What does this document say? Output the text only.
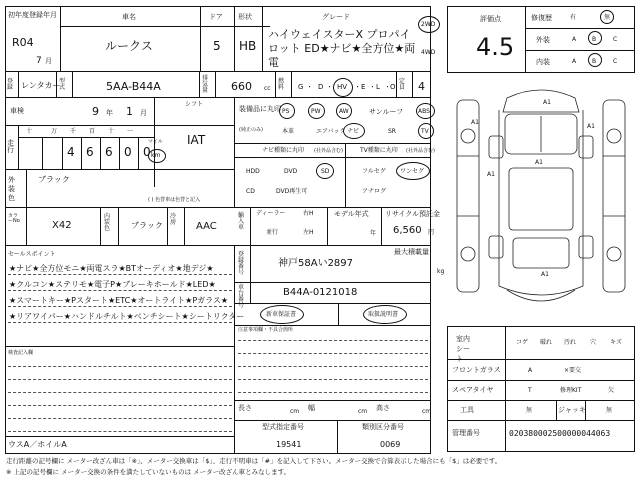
初年度登録年月
R04
7 月
車名
ルークス
ドア
5
形状
HB
グレード
ハイウェイスターX プロパイロット ED★ナビ★全方位★両電
2WD
4WD
登録 レンタカー
型式	5AA-B44A
排気量 660 cc
燃料	G ・ D ・ HV ・ E ・ L ・ O
定員 4
車検	9 年 1 月
シフト
IAT
走行
十	万 千 百 十 一
4 6 6 0 0
マイル
km
装備品に丸印
(純正のみ)
PS	PW	AW	サンルーフ ABS
本革	エアバック ナビ	SR	TV
ナビ種類に丸印 (社外品含む)	TV種類に丸印 (社外品含む)
HDD	DVD	SD
CD	DVD再生可
フルセグ ワンセグ
アナログ
外装色
ブラック
( ) 色替車は色替と記入
カラーNo	X42
内装色	ブラック
冷房 AAC
輸入車
ディーラー	右H
並行	左H
モデル年式
年
リサイクル預託金
6,560 円
最大積載量
kg
登録番号
神戸58Aい2897
車台番号
B44A-0121018
セールスポイント
★ナビ★全方位モニ★両電スラ★BTオーディオ★地デジ★
★クルコン★ステリモ★電子P★ブレーキホールド★LED★
★スマートキー★Pスタート★ETC★オートライト★Pガラス★
★リアワイパー★ハンドルチルト★ベンチシート★シートリクター	新車保証書	取扱説明書
注意事項欄・不具合箇所
検査記入欄
長さ	cm 幅	cm 高さ	cm
型式指定番号
19541
類別区分番号
0069
ウスA／ホイルA
評価点
4.5
修復歴	有	無
外装	A	B	C
内装	A	B	C
A1
A1
A1
A1
A1
A1
室内シート
コゲ 破れ 汚れ 穴 キズ
フロントガラス	A	×要交
スペアタイヤ	T	修理KIT	欠
工具	無	ジャッキ	無
管理番号	020380002500000044063
走行距離の記号欄に メーター改ざん車は「※」、メーター交換車は「$」、走行不明車は「#」を記入して下さい。メーター交換で合算表示した場合にも「$」は必要です。
※ 上記の記号欄に メーター交換の条件を満たしていないものは メーター改ざん車とみなします。
